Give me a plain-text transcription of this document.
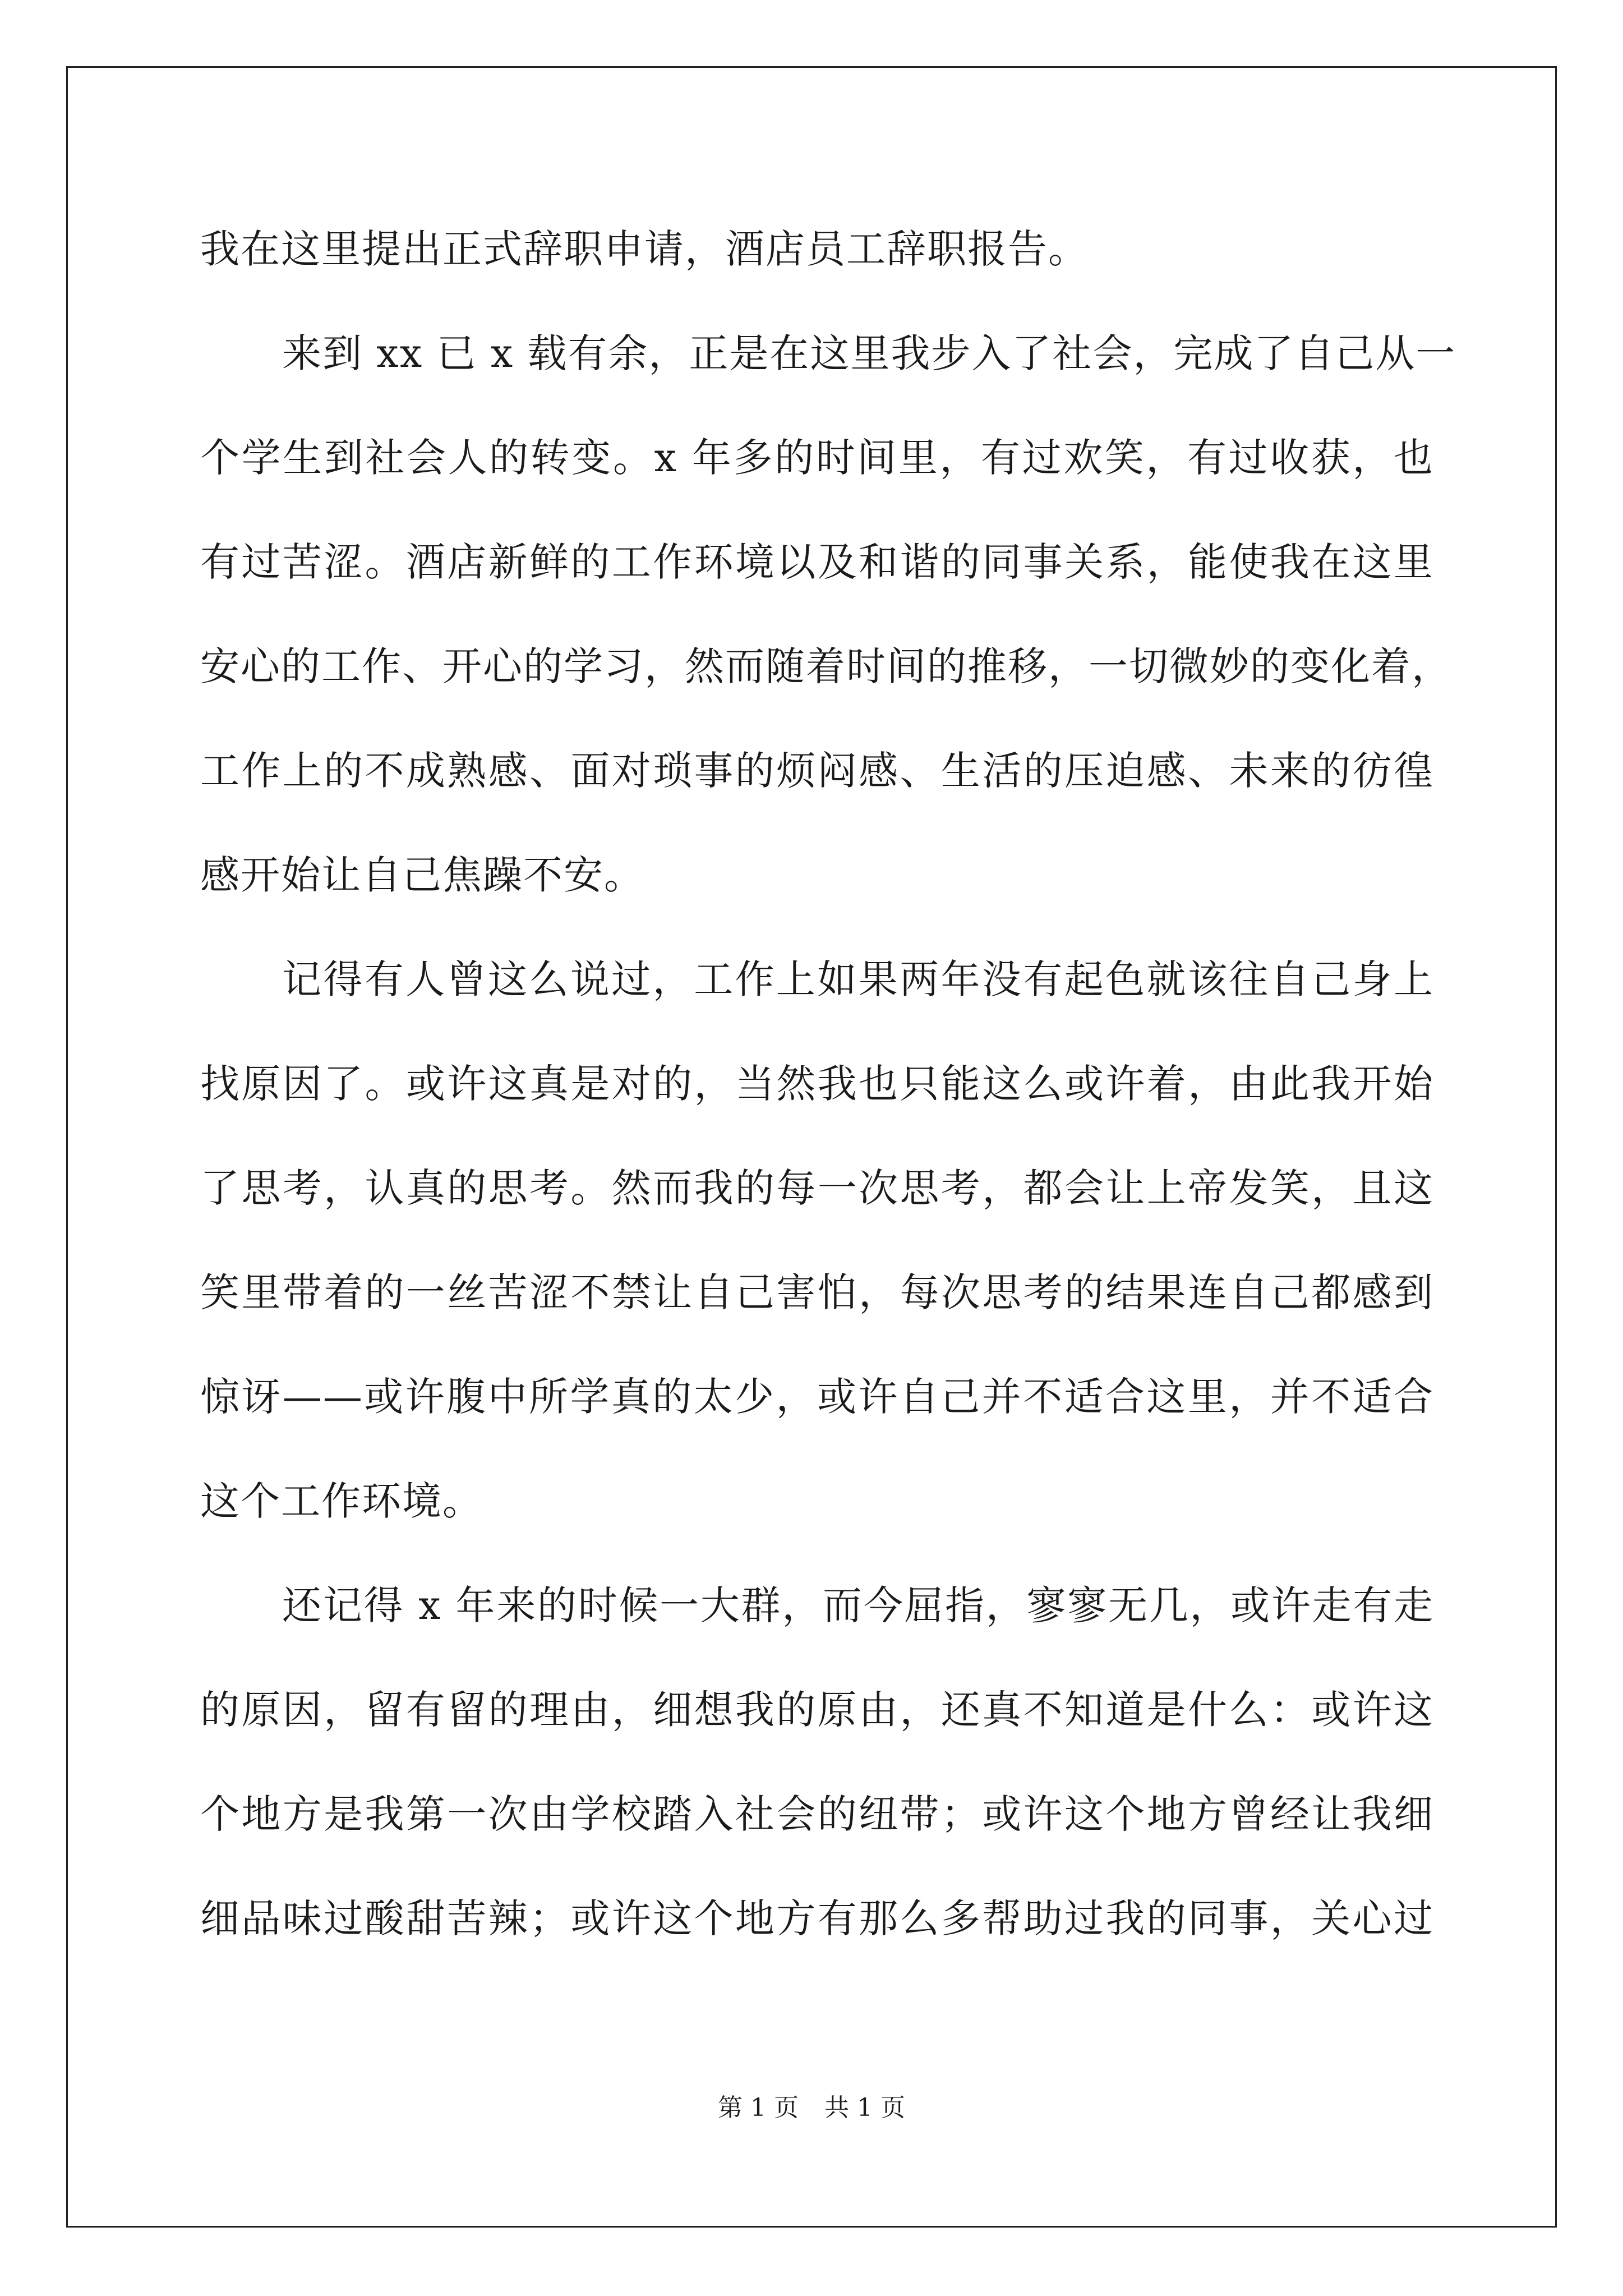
我在这里提出正式辞职申请，酒店员工辞职报告。
来到 xx 已 x 载有余，正是在这里我步入了社会，完成了自己从一
个学生到社会人的转变。x 年多的时间里，有过欢笑，有过收获，也
有过苦涩。酒店新鲜的工作环境以及和谐的同事关系，能使我在这里
安心的工作、开心的学习，然而随着时间的推移，一切微妙的变化着，
工作上的不成熟感、面对琐事的烦闷感、生活的压迫感、未来的彷徨
感开始让自己焦躁不安。
记得有人曾这么说过，工作上如果两年没有起色就该往自己身上
找原因了。或许这真是对的，当然我也只能这么或许着，由此我开始
了思考，认真的思考。然而我的每一次思考，都会让上帝发笑，且这
笑里带着的一丝苦涩不禁让自己害怕，每次思考的结果连自己都感到
惊讶——或许腹中所学真的太少，或许自己并不适合这里，并不适合
这个工作环境。
还记得 x 年来的时候一大群，而今屈指，寥寥无几，或许走有走
的原因，留有留的理由，细想我的原由，还真不知道是什么：或许这
个地方是我第一次由学校踏入社会的纽带；或许这个地方曾经让我细
细品味过酸甜苦辣；或许这个地方有那么多帮助过我的同事，关心过
第 1 页 共 1 页
